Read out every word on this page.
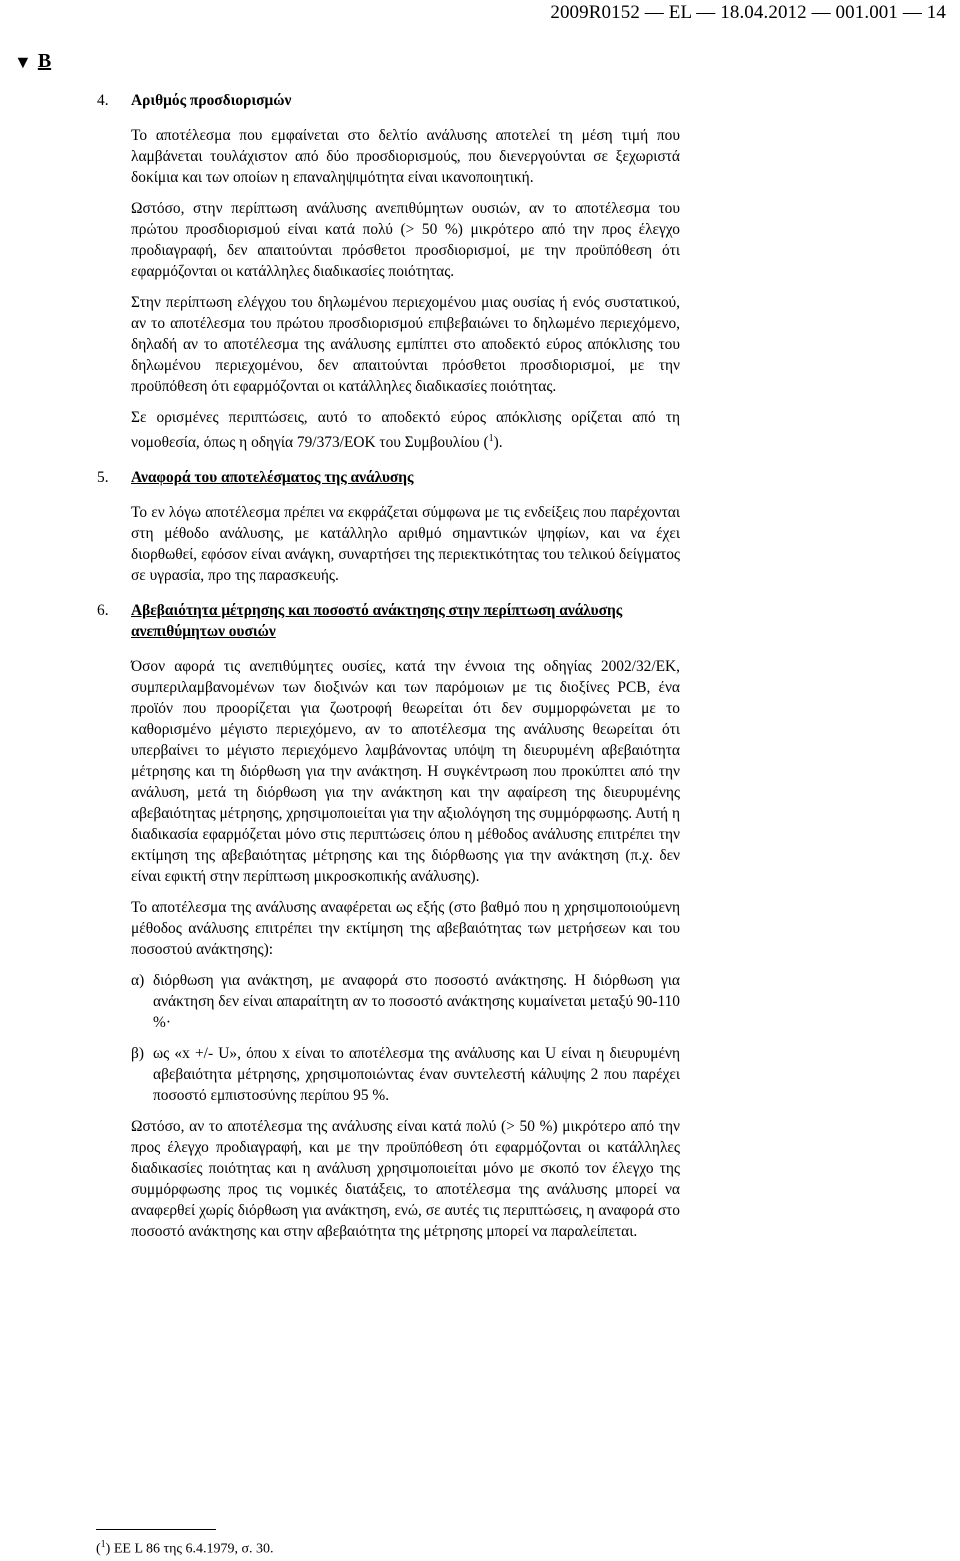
2009R0152 — EL — 18.04.2012 — 001.001 — 14
▼ B
4. Αριθμός προσδιορισμών

Το αποτέλεσμα που εμφαίνεται στο δελτίο ανάλυσης αποτελεί τη μέση τιμή που λαμβάνεται τουλάχιστον από δύο προσδιορισμούς, που διενεργούνται σε ξεχωριστά δοκίμια και των οποίων η επαναληψιμότητα είναι ικανοποιητική.

Ωστόσο, στην περίπτωση ανάλυσης ανεπιθύμητων ουσιών, αν το αποτέλεσμα του πρώτου προσδιορισμού είναι κατά πολύ (> 50 %) μικρότερο από την προς έλεγχο προδιαγραφή, δεν απαιτούνται πρόσθετοι προσδιορισμοί, με την προϋπόθεση ότι εφαρμόζονται οι κατάλληλες διαδικασίες ποιότητας.

Στην περίπτωση ελέγχου του δηλωμένου περιεχομένου μιας ουσίας ή ενός συστατικού, αν το αποτέλεσμα του πρώτου προσδιορισμού επιβεβαιώνει το δηλωμένο περιεχόμενο, δηλαδή αν το αποτέλεσμα της ανάλυσης εμπίπτει στο αποδεκτό εύρος απόκλισης του δηλωμένου περιεχομένου, δεν απαιτούνται πρόσθετοι προσδιορισμοί, με την προϋπόθεση ότι εφαρμόζονται οι κατάλληλες διαδικασίες ποιότητας.

Σε ορισμένες περιπτώσεις, αυτό το αποδεκτό εύρος απόκλισης ορίζεται από τη νομοθεσία, όπως η οδηγία 79/373/ΕΟΚ του Συμβουλίου ($^1$).

5. Αναφορά του αποτελέσματος της ανάλυσης

Το εν λόγω αποτέλεσμα πρέπει να εκφράζεται σύμφωνα με τις ενδείξεις που παρέχονται στη μέθοδο ανάλυσης, με κατάλληλο αριθμό σημαντικών ψηφίων, και να έχει διορθωθεί, εφόσον είναι ανάγκη, συναρτήσει της περιεκτικότητας του τελικού δείγματος σε υγρασία, προ της παρασκευής.

6. Αβεβαιότητα μέτρησης και ποσοστό ανάκτησης στην περίπτωση ανάλυσης ανεπιθύμητων ουσιών

Όσον αφορά τις ανεπιθύμητες ουσίες, κατά την έννοια της οδηγίας 2002/32/ΕΚ, συμπεριλαμβανομένων των διοξινών και των παρόμοιων με τις διοξίνες PCB, ένα προϊόν που προορίζεται για ζωοτροφή θεωρείται ότι δεν συμμορφώνεται με το καθορισμένο μέγιστο περιεχόμενο, αν το αποτέλεσμα της ανάλυσης θεωρείται ότι υπερβαίνει το μέγιστο περιεχόμενο λαμβάνοντας υπόψη τη διευρυμένη αβεβαιότητα μέτρησης και τη διόρθωση για την ανάκτηση. Η συγκέντρωση που προκύπτει από την ανάλυση, μετά τη διόρθωση για την ανάκτηση και την αφαίρεση της διευρυμένης αβεβαιότητας μέτρησης, χρησιμοποιείται για την αξιολόγηση της συμμόρφωσης. Αυτή η διαδικασία εφαρμόζεται μόνο στις περιπτώσεις όπου η μέθοδος ανάλυσης επιτρέπει την εκτίμηση της αβεβαιότητας μέτρησης και της διόρθωσης για την ανάκτηση (π.χ. δεν είναι εφικτή στην περίπτωση μικροσκοπικής ανάλυσης).

Το αποτέλεσμα της ανάλυσης αναφέρεται ως εξής (στο βαθμό που η χρησιμοποιούμενη μέθοδος ανάλυσης επιτρέπει την εκτίμηση της αβεβαιότητας των μετρήσεων και του ποσοστού ανάκτησης):

α) διόρθωση για ανάκτηση, με αναφορά στο ποσοστό ανάκτησης. Η διόρθωση για ανάκτηση δεν είναι απαραίτητη αν το ποσοστό ανάκτησης κυμαίνεται μεταξύ 90-110 %·
β) ως «x +/- U», όπου x είναι το αποτέλεσμα της ανάλυσης και U είναι η διευρυμένη αβεβαιότητα μέτρησης, χρησιμοποιώντας έναν συντελεστή κάλυψης 2 που παρέχει ποσοστό εμπιστοσύνης περίπου 95 %.

Ωστόσο, αν το αποτέλεσμα της ανάλυσης είναι κατά πολύ (> 50 %) μικρότερο από την προς έλεγχο προδιαγραφή, και με την προϋπόθεση ότι εφαρμόζονται οι κατάλληλες διαδικασίες ποιότητας και η ανάλυση χρησιμοποιείται μόνο με σκοπό τον έλεγχο της συμμόρφωσης προς τις νομικές διατάξεις, το αποτέλεσμα της ανάλυσης μπορεί να αναφερθεί χωρίς διόρθωση για ανάκτηση, ενώ, σε αυτές τις περιπτώσεις, η αναφορά στο ποσοστό ανάκτησης και στην αβεβαιότητα της μέτρησης μπορεί να παραλείπεται.

($^1$) ΕΕ L 86 της 6.4.1979, σ. 30.
